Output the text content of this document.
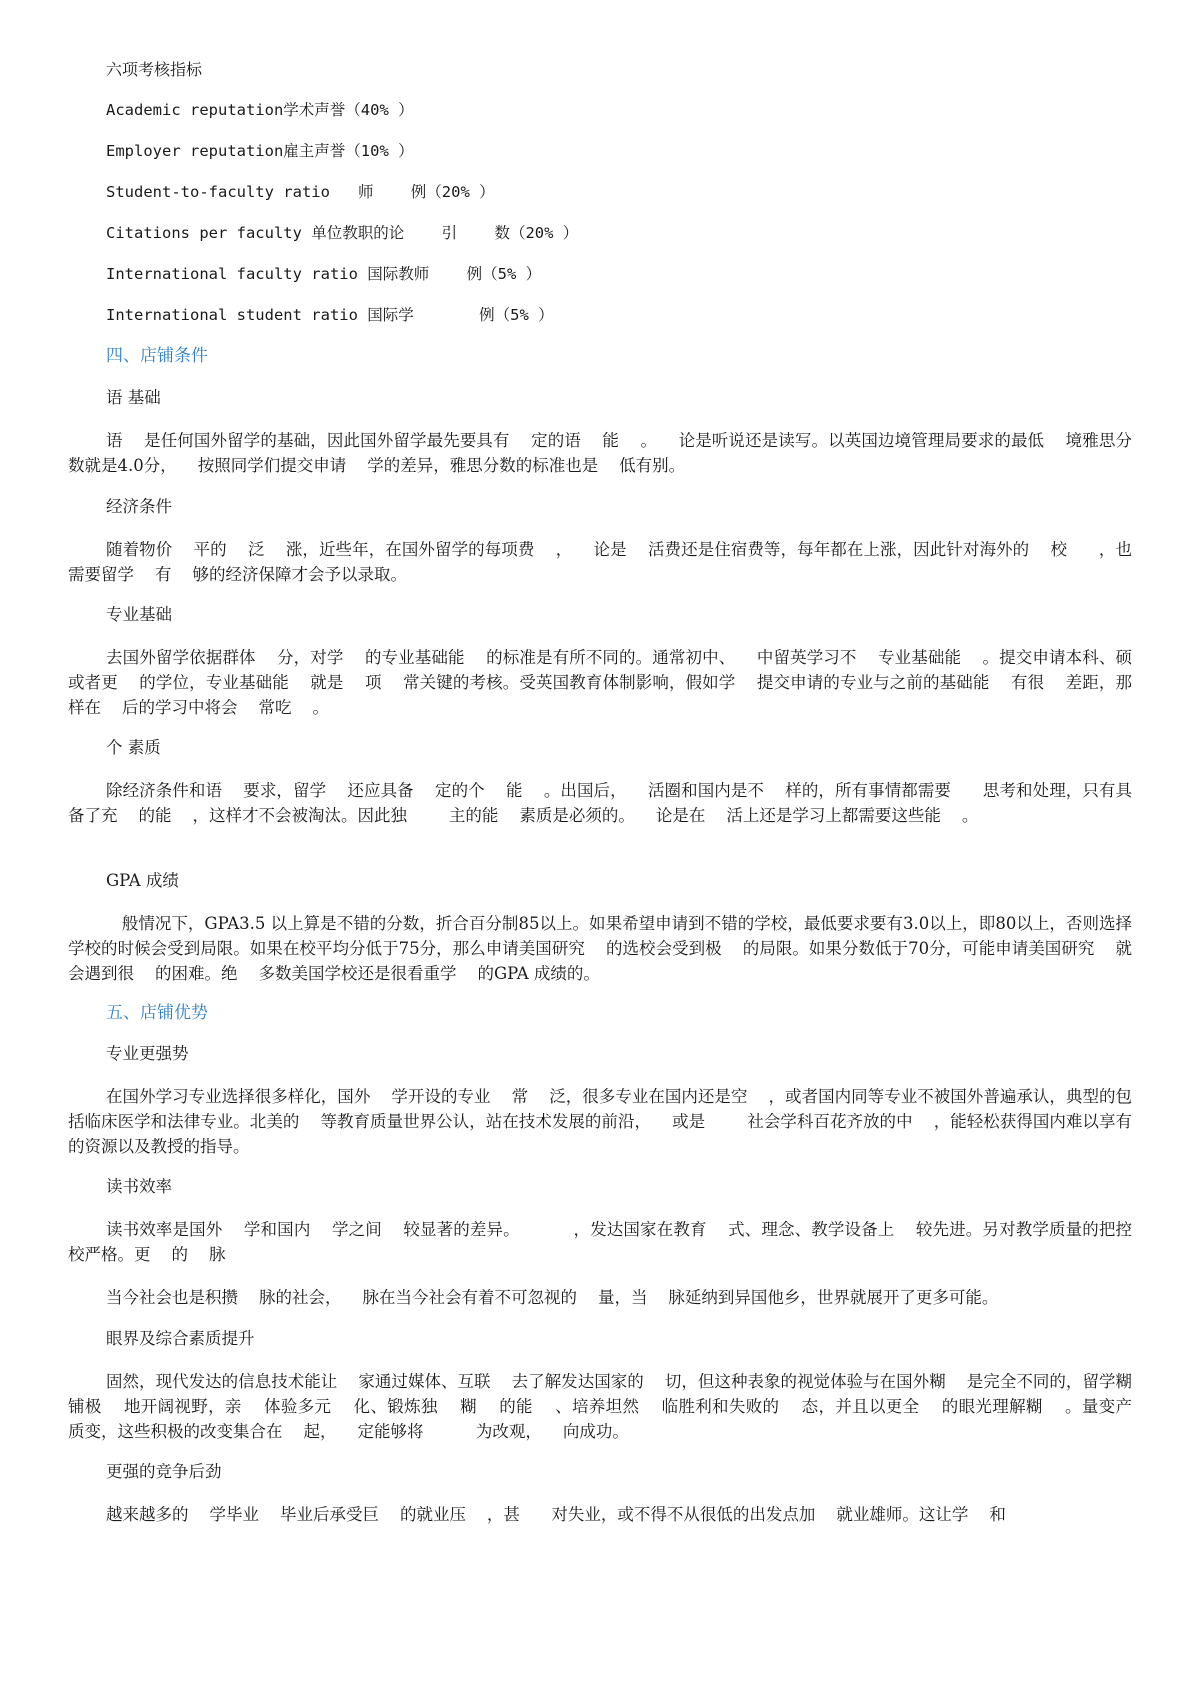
六项考核指标
Academic reputation学术声誉（40% ）
Employer reputation雇主声誉（10% ）
Student-to-faculty ratio   师    例（20% ）
Citations per faculty 单位教职的论    引    数（20% ）
International faculty ratio 国际教师    例（5% ）
International student ratio 国际学       例（5% ）
四、店铺条件
语 基础
语    是任何国外留学的基础，因此国外留学最先要具有    定的语    能    。    论是听说还是读写。以英国边境管理局要求的最低    境雅思分数就是4.0分，    按照同学们提交申请    学的差异，雅思分数的标准也是    低有别。
经济条件
随着物价    平的    泛    涨，近些年，在国外留学的每项费    ，    论是    活费还是住宿费等，每年都在上涨，因此针对海外的    校      ，也需要留学    有    够的经济保障才会予以录取。
专业基础
去国外留学依据群体    分，对学    的专业基础能    的标准是有所不同的。通常初中、    中留英学习不    专业基础能    。提交申请本科、硕    或者更    的学位，专业基础能    就是    项    常关键的考核。受英国教育体制影响，假如学    提交申请的专业与之前的基础能    有很    差距，那样在    后的学习中将会    常吃    。
个 素质
除经济条件和语    要求，留学    还应具备    定的个    能    。出国后，    活圈和国内是不    样的，所有事情都需要      思考和处理，只有具备了充    的能    ，这样才不会被淘汰。因此独        主的能    素质是必须的。    论是在    活上还是学习上都需要这些能    。
GPA 成绩
般情况下，GPA3.5 以上算是不错的分数，折合百分制85以上。如果希望申请到不错的学校，最低要求要有3.0以上，即80以上，否则选择学校的时候会受到局限。如果在校平均分低于75分，那么申请美国研究    的选校会受到极    的局限。如果分数低于70分，可能申请美国研究    就会遇到很    的困难。绝    多数美国学校还是很看重学    的GPA 成绩的。
五、店铺优势
专业更强势
在国外学习专业选择很多样化，国外    学开设的专业    常    泛，很多专业在国内还是空    ，或者国内同等专业不被国外普遍承认，典型的包括临床医学和法律专业。北美的    等教育质量世界公认，站在技术发展的前沿，    或是        社会学科百花齐放的中    ，能轻松获得国内难以享有的资源以及教授的指导。
读书效率
读书效率是国外    学和国内    学之间    较显著的差异。          ，发达国家在教育    式、理念、教学设备上    较先进。另对教学质量的把控    校严格。更    的    脉
当今社会也是积攒    脉的社会，    脉在当今社会有着不可忽视的    量，当    脉延纳到异国他乡，世界就展开了更多可能。
眼界及综合素质提升
固然，现代发达的信息技术能让    家通过媒体、互联    去了解发达国家的    切，但这种表象的视觉体验与在国外糊    是完全不同的，留学糊    铺极    地开阔视野，亲    体验多元    化、锻炼独    糊    的能    、培养坦然    临胜利和失败的    态，并且以更全    的眼光理解糊    。量变产    质变，这些积极的改变集合在    起，    定能够将          为改观，    向成功。
更强的竞争后劲
越来越多的    学毕业    毕业后承受巨    的就业压    ，甚      对失业，或不得不从很低的出发点加    就业雄师。这让学    和
